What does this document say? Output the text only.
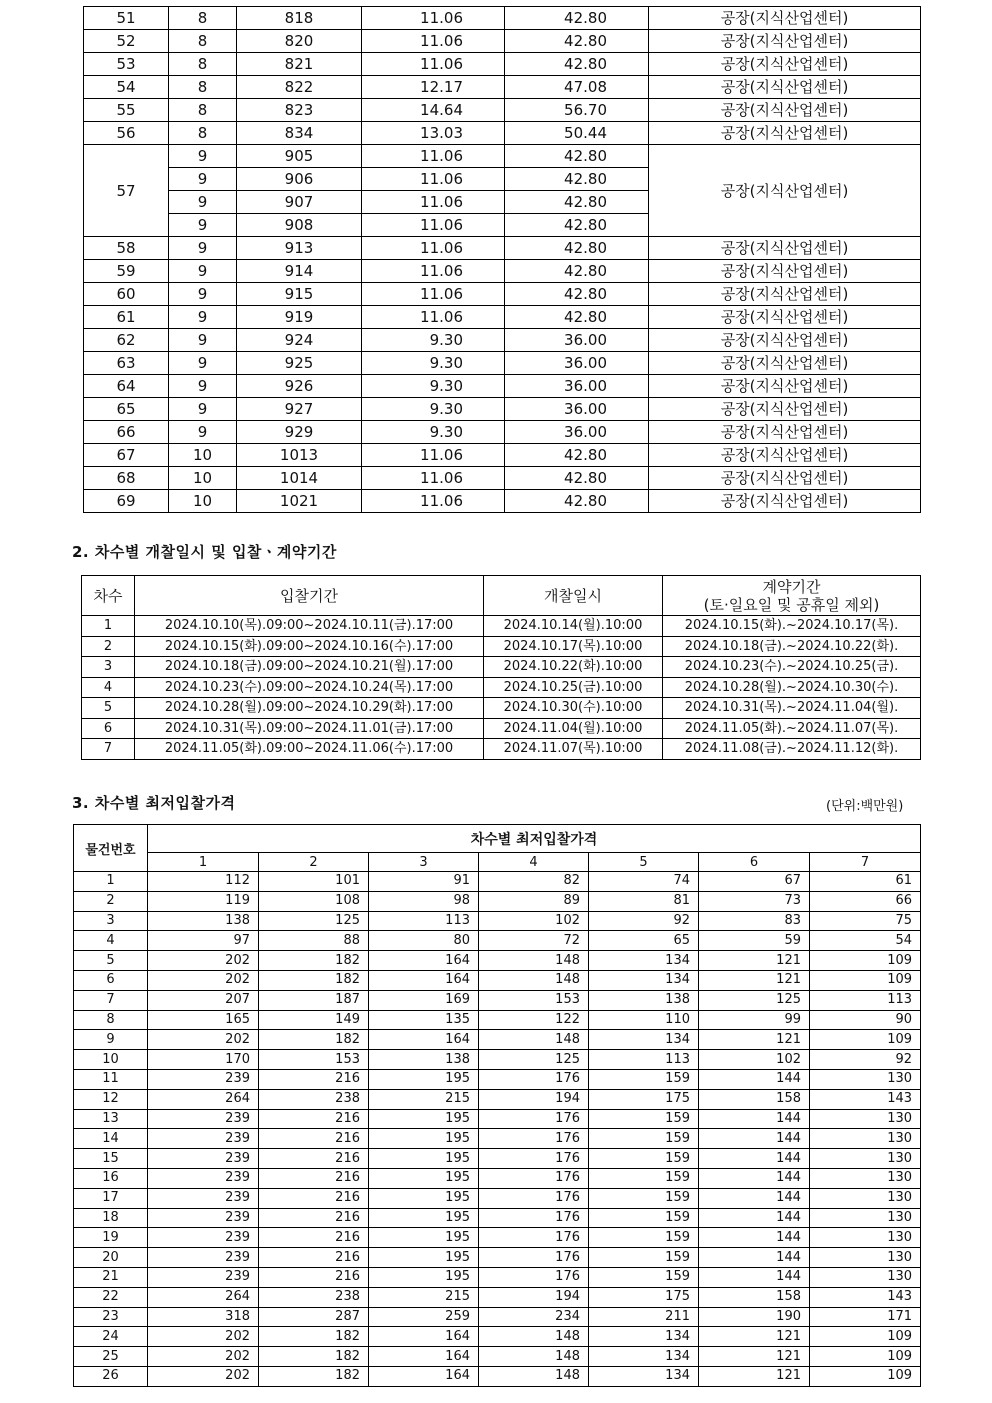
51	8	818	11.06	42.80	공장(지식산업센터)
52	8	820	11.06	42.80	공장(지식산업센터)
53	8	821	11.06	42.80	공장(지식산업센터)
54	8	822	12.17	47.08	공장(지식산업센터)
55	8	823	14.64	56.70	공장(지식산업센터)
56	8	834	13.03	50.44	공장(지식산업센터)
57	9	905	11.06	42.80	공장(지식산업센터)
	9	906	11.06	42.80	
	9	907	11.06	42.80	
	9	908	11.06	42.80	
58	9	913	11.06	42.80	공장(지식산업센터)
59	9	914	11.06	42.80	공장(지식산업센터)
60	9	915	11.06	42.80	공장(지식산업센터)
61	9	919	11.06	42.80	공장(지식산업센터)
62	9	924	9.30	36.00	공장(지식산업센터)
63	9	925	9.30	36.00	공장(지식산업센터)
64	9	926	9.30	36.00	공장(지식산업센터)
65	9	927	9.30	36.00	공장(지식산업센터)
66	9	929	9.30	36.00	공장(지식산업센터)
67	10	1013	11.06	42.80	공장(지식산업센터)
68	10	1014	11.06	42.80	공장(지식산업센터)
69	10	1021	11.06	42.80	공장(지식산업센터)
2. 차수별 개찰일시 및 입찰ㆍ계약기간
차수	입찰기간	개찰일시	계약기간
(토·일요일 및 공휴일 제외)

1	2024.10.10(목).09:00~2024.10.11(금).17:00	2024.10.14(월).10:00	2024.10.15(화).~2024.10.17(목).
2	2024.10.15(화).09:00~2024.10.16(수).17:00	2024.10.17(목).10:00	2024.10.18(금).~2024.10.22(화).
3	2024.10.18(금).09:00~2024.10.21(월).17:00	2024.10.22(화).10:00	2024.10.23(수).~2024.10.25(금).
4	2024.10.23(수).09:00~2024.10.24(목).17:00	2024.10.25(금).10:00	2024.10.28(월).~2024.10.30(수).
5	2024.10.28(월).09:00~2024.10.29(화).17:00	2024.10.30(수).10:00	2024.10.31(목).~2024.11.04(월).
6	2024.10.31(목).09:00~2024.11.01(금).17:00	2024.11.04(월).10:00	2024.11.05(화).~2024.11.07(목).
7	2024.11.05(화).09:00~2024.11.06(수).17:00	2024.11.07(목).10:00	2024.11.08(금).~2024.11.12(화).
3. 차수별 최저입찰가격	(단위:백만원)
물건번호	차수별 최저입찰가격						
	1	2	3	4	5	6	7
1	112	101	91	82	74	67	61
2	119	108	98	89	81	73	66
3	138	125	113	102	92	83	75
4	97	88	80	72	65	59	54
5	202	182	164	148	134	121	109
6	202	182	164	148	134	121	109
7	207	187	169	153	138	125	113
8	165	149	135	122	110	99	90
9	202	182	164	148	134	121	109
10	170	153	138	125	113	102	92
11	239	216	195	176	159	144	130
12	264	238	215	194	175	158	143
13	239	216	195	176	159	144	130
14	239	216	195	176	159	144	130
15	239	216	195	176	159	144	130
16	239	216	195	176	159	144	130
17	239	216	195	176	159	144	130
18	239	216	195	176	159	144	130
19	239	216	195	176	159	144	130
20	239	216	195	176	159	144	130
21	239	216	195	176	159	144	130
22	264	238	215	194	175	158	143
23	318	287	259	234	211	190	171
24	202	182	164	148	134	121	109
25	202	182	164	148	134	121	109
26	202	182	164	148	134	121	109
